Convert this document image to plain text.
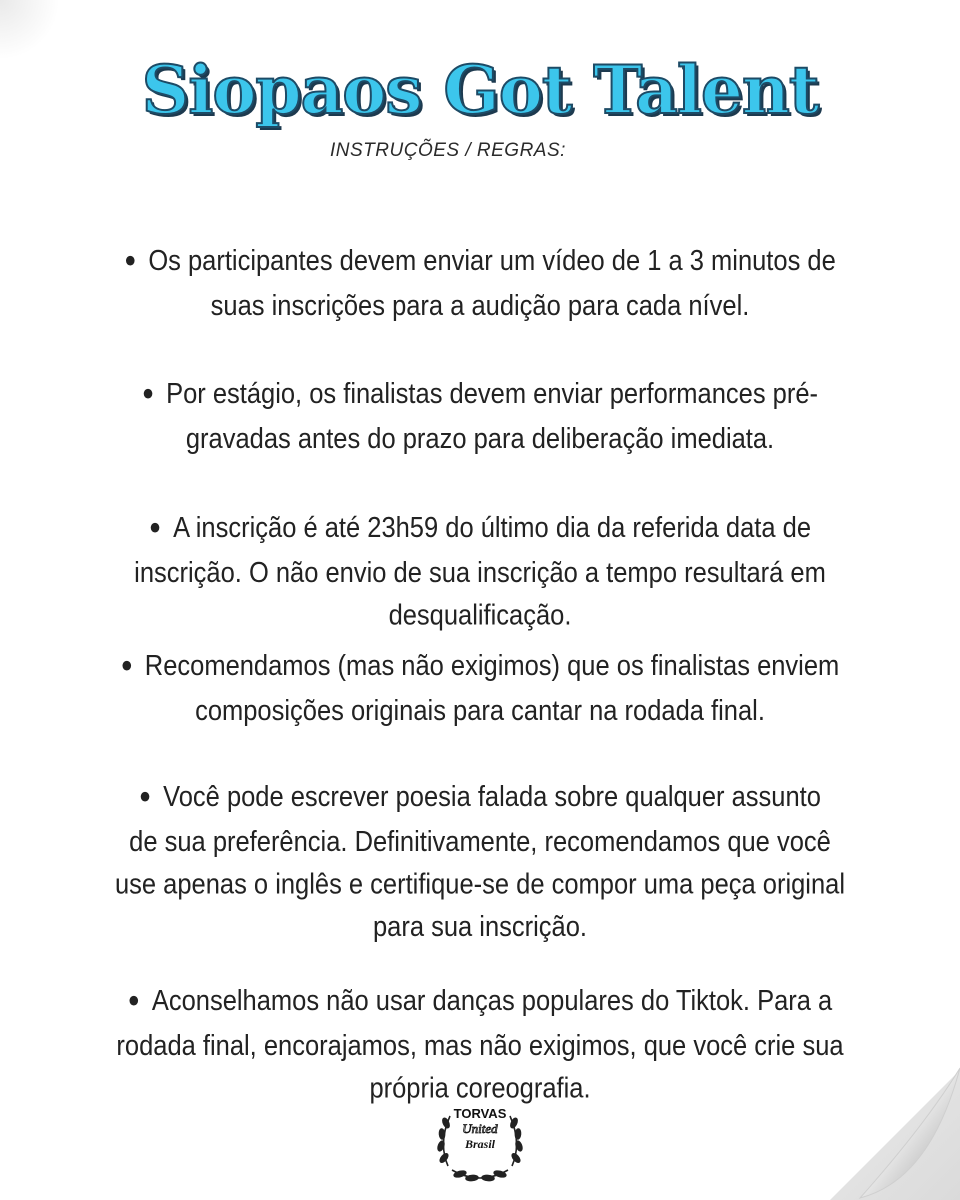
Siopaos Got Talent
INSTRUÇÕES / REGRAS:
● Os participantes devem enviar um vídeo de 1 a 3 minutos de
suas inscrições para a audição para cada nível.
● Por estágio, os finalistas devem enviar performances pré-
gravadas antes do prazo para deliberação imediata.
● A inscrição é até 23h59 do último dia da referida data de
inscrição. O não envio de sua inscrição a tempo resultará em
desqualificação.
● Recomendamos (mas não exigimos) que os finalistas enviem
composições originais para cantar na rodada final.
● Você pode escrever poesia falada sobre qualquer assunto
de sua preferência. Definitivamente, recomendamos que você
use apenas o inglês e certifique-se de compor uma peça original
para sua inscrição.
● Aconselhamos não usar danças populares do Tiktok. Para a
rodada final, encorajamos, mas não exigimos, que você crie sua
própria coreografia.
TORVAS
United
Brasil
